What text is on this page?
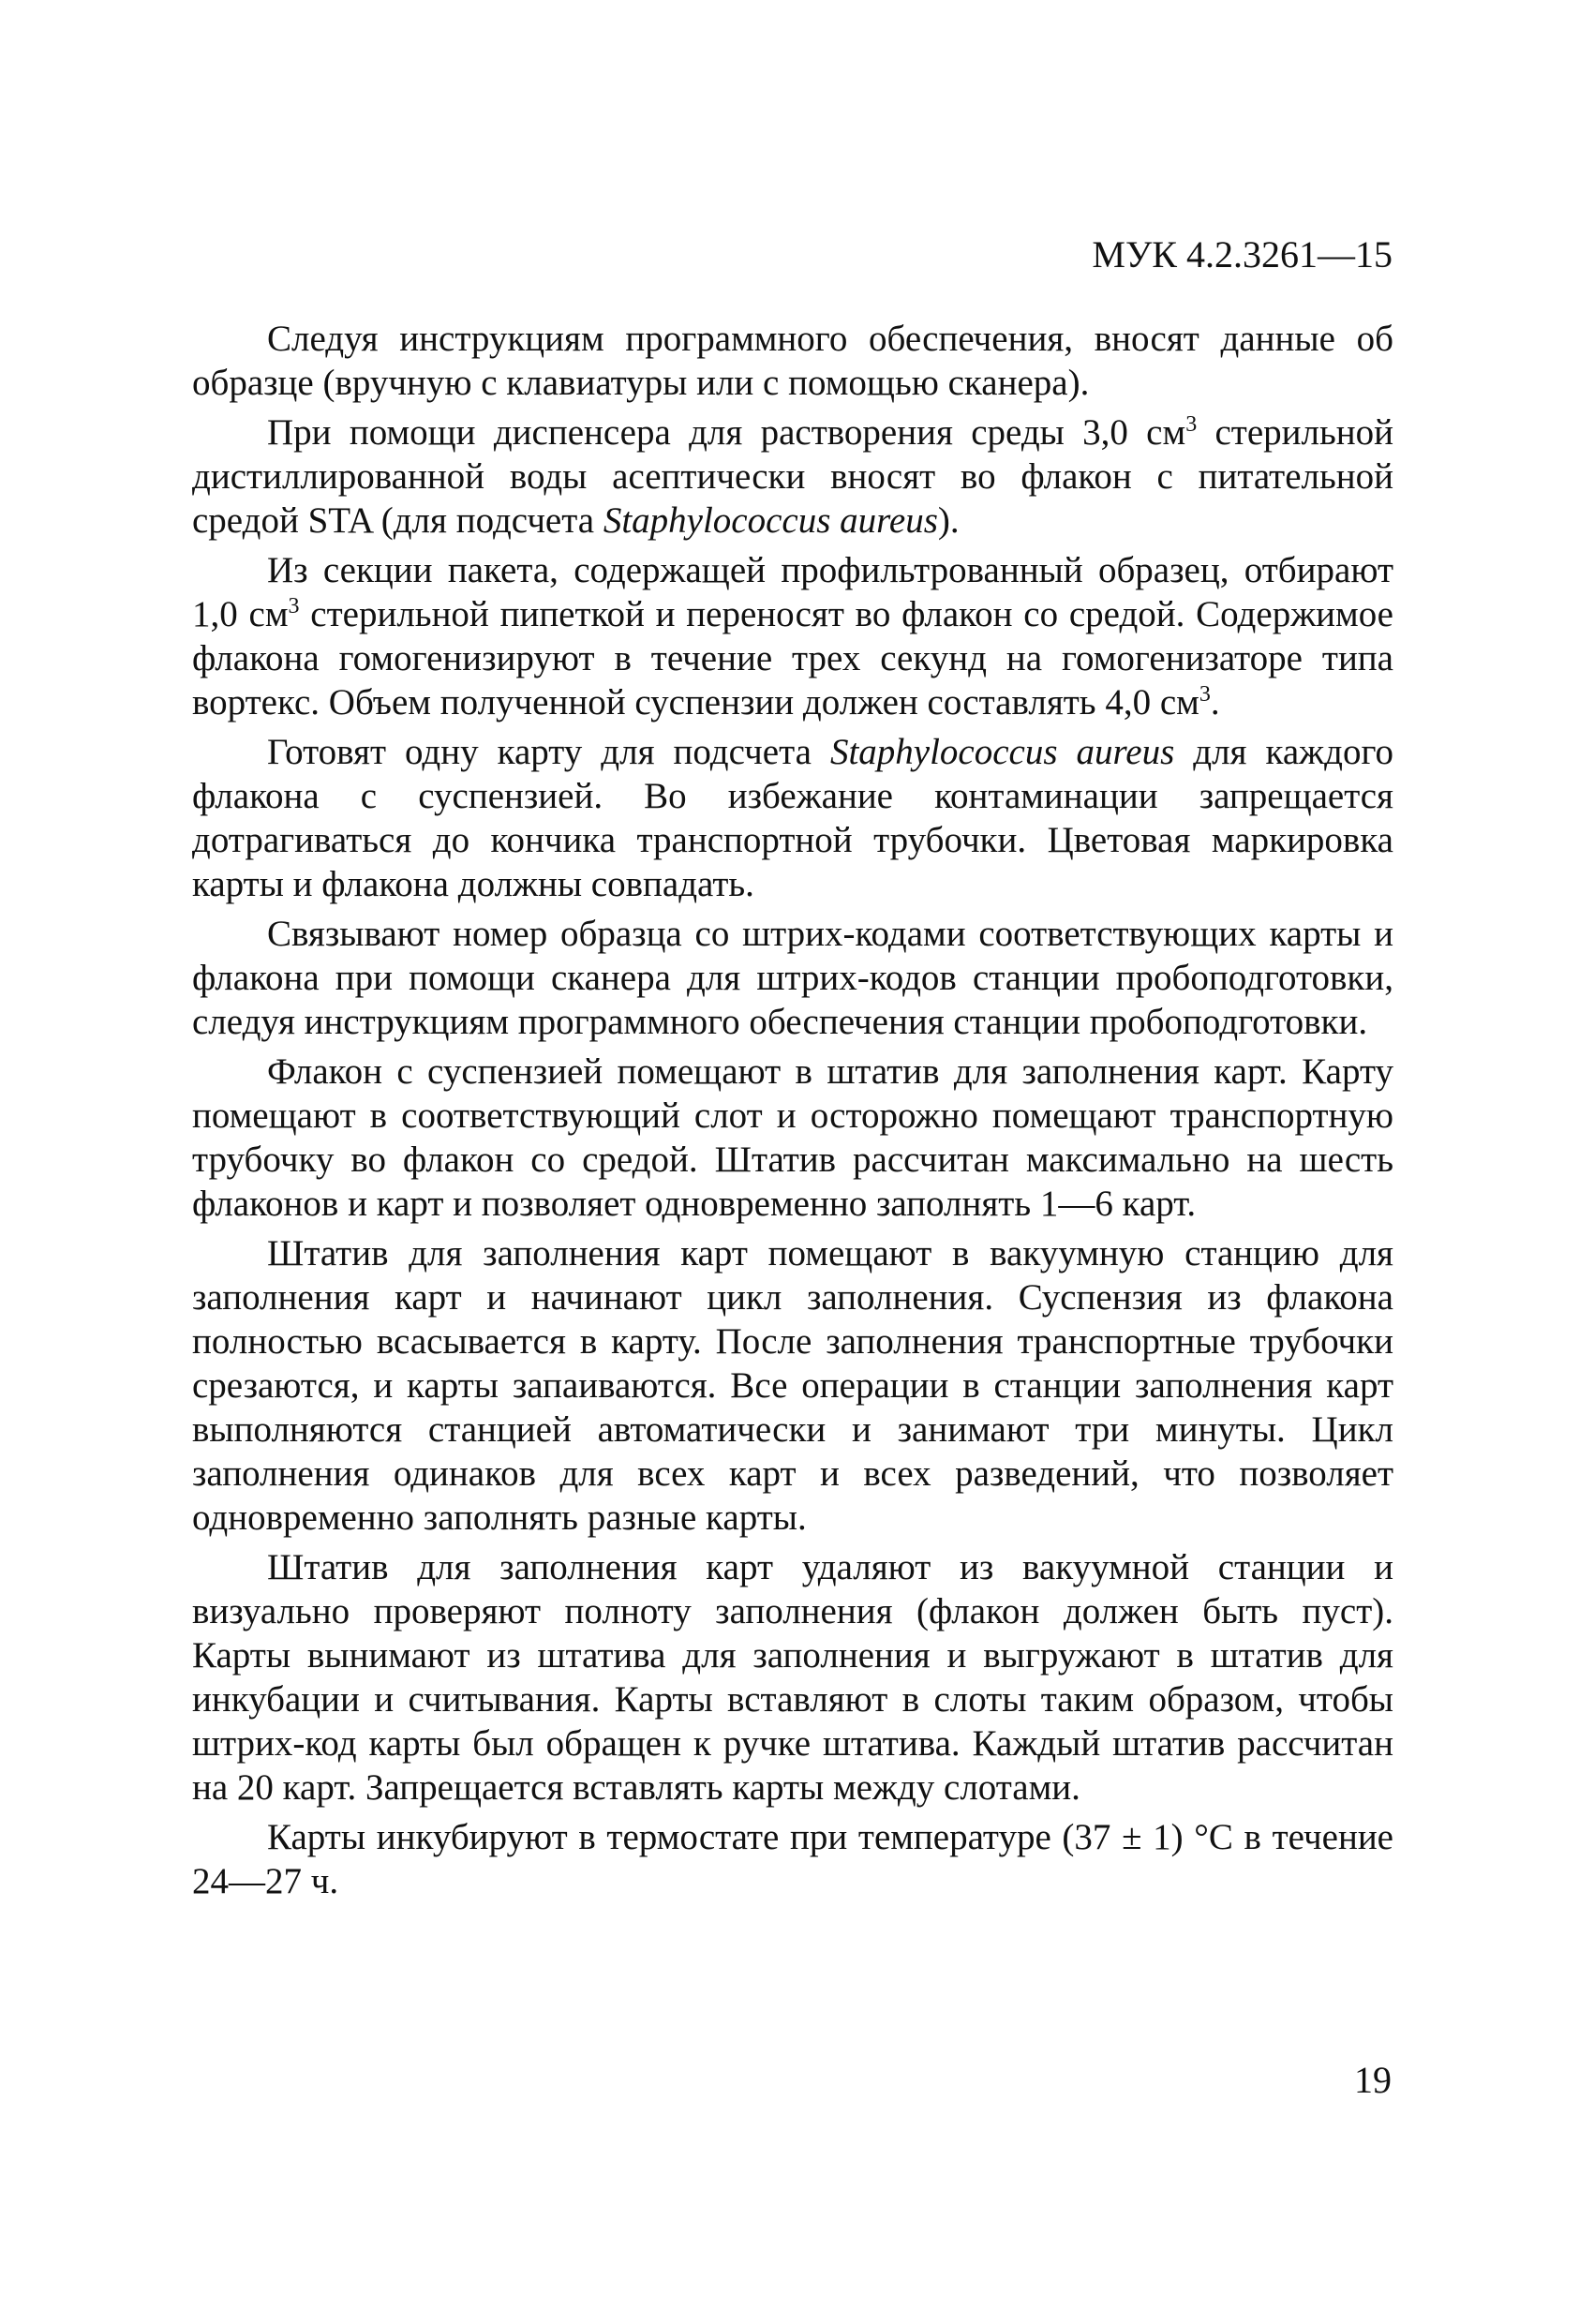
МУК 4.2.3261—15

Следуя инструкциям программного обеспечения, вносят данные об образце (вручную с клавиатуры или с помощью сканера).

При помощи диспенсера для растворения среды 3,0 $см^3$ стерильной дистиллированной воды асептически вносят во флакон с питательной средой STA (для подсчета Staphylococcus aureus).

Из секции пакета, содержащей профильтрованный образец, отбирают 1,0 $см^3$ стерильной пипеткой и переносят во флакон со средой. Содержимое флакона гомогенизируют в течение трех секунд на гомогенизаторе типа вортекс. Объем полученной суспензии должен составлять 4,0 $см^3$.

Готовят одну карту для подсчета Staphylococcus aureus для каждого флакона с суспензией. Во избежание контаминации запрещается дотрагиваться до кончика транспортной трубочки. Цветовая маркировка карты и флакона должны совпадать.

Связывают номер образца со штрих-кодами соответствующих карты и флакона при помощи сканера для штрих-кодов станции пробоподготовки, следуя инструкциям программного обеспечения станции пробоподготовки.

Флакон с суспензией помещают в штатив для заполнения карт. Карту помещают в соответствующий слот и осторожно помещают транспортную трубочку во флакон со средой. Штатив рассчитан максимально на шесть флаконов и карт и позволяет одновременно заполнять 1—6 карт.

Штатив для заполнения карт помещают в вакуумную станцию для заполнения карт и начинают цикл заполнения. Суспензия из флакона полностью всасывается в карту. После заполнения транспортные трубочки срезаются, и карты запаиваются. Все операции в станции заполнения карт выполняются станцией автоматически и занимают три минуты. Цикл заполнения одинаков для всех карт и всех разведений, что позволяет одновременно заполнять разные карты.

Штатив для заполнения карт удаляют из вакуумной станции и визуально проверяют полноту заполнения (флакон должен быть пуст). Карты вынимают из штатива для заполнения и выгружают в штатив для инкубации и считывания. Карты вставляют в слоты таким образом, чтобы штрих-код карты был обращен к ручке штатива. Каждый штатив рассчитан на 20 карт. Запрещается вставлять карты между слотами.

Карты инкубируют в термостате при температуре (37 ± 1) °С в течение 24—27 ч.

19
